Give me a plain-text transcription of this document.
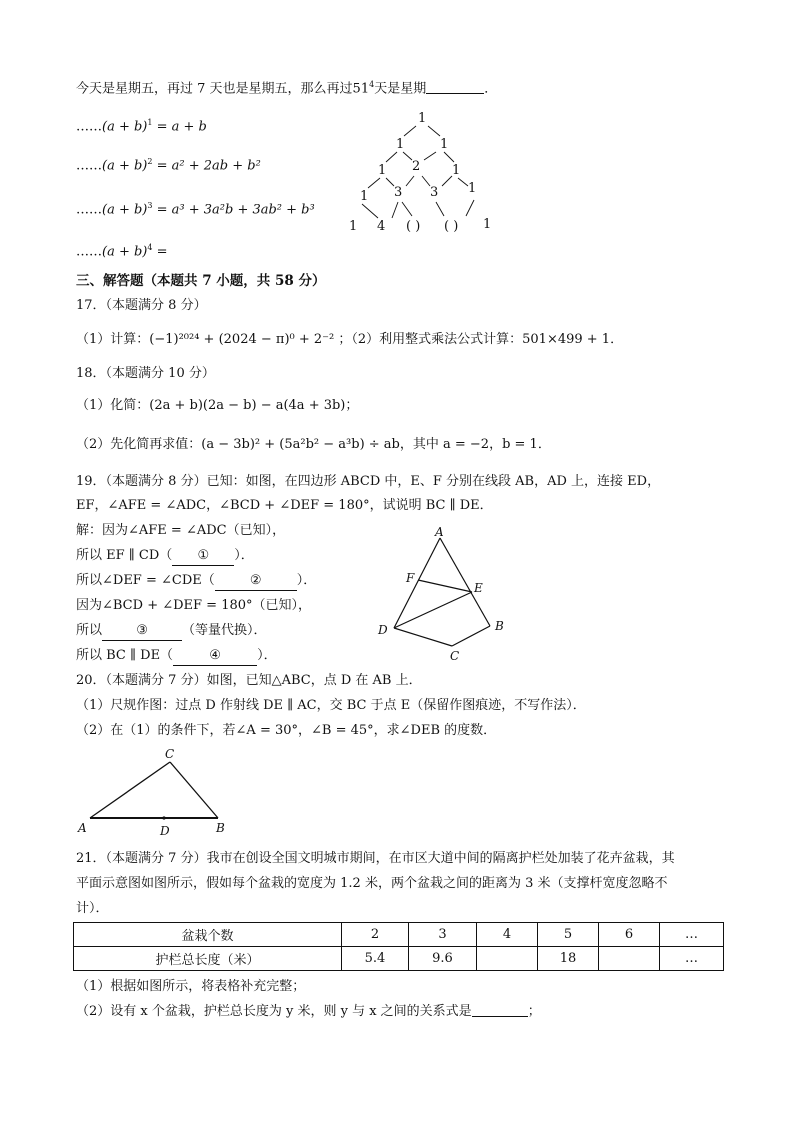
今天是星期五，再过 7 天也是星期五，那么再过$51^4$天是星期	．
……(a + b)$^1$ = a + b
……(a + b)$^2$ = a² + 2ab + b²
……(a + b)$^3$ = a³ + 3a²b + 3ab² + b³
……(a + b)$^4$ =
1
1	1
1 2 1
1 3 3 1
1 4 ( ) ( ) 1
三、解答题（本题共 7 小题，共 58 分）
17．（本题满分 8 分）
（1）计算：(−1)²⁰²⁴ + (2024 − π)⁰ + 2⁻² ；（2）利用整式乘法公式计算：501×499 + 1．
18．（本题满分 10 分）
（1）化简：(2a + b)(2a − b) − a(4a + 3b)；
（2）先化简再求值：(a − 3b)² + (5a²b² − a³b) ÷ ab，其中 a = −2，b = 1．
19．（本题满分 8 分）已知：如图，在四边形 ABCD 中，E、F 分别在线段 AB，AD 上，连接 ED，
EF，∠AFE = ∠ADC，∠BCD + ∠DEF = 180°，试说明 BC ∥ DE．
解：因为∠AFE = ∠ADC（已知），
所以 EF ∥ CD（ ① ）．
所以∠DEF = ∠CDE（	②	）．
因为∠BCD + ∠DEF = 180°（已知），
所以	③	（等量代换）．
所以 BC ∥ DE（	④	）．
A
F
E
B
D
C
20．（本题满分 7 分）如图，已知△ABC，点 D 在 AB 上．
（1）尺规作图：过点 D 作射线 DE ∥ AC，交 BC 于点 E（保留作图痕迹，不写作法）．
（2）在（1）的条件下，若∠A = 30°，∠B = 45°，求∠DEB 的度数．
C
A	D	B
21．（本题满分 7 分）我市在创设全国文明城市期间，在市区大道中间的隔离护栏处加装了花卉盆栽，其
平面示意图如图所示，假如每个盆栽的宽度为 1.2 米，两个盆栽之间的距离为 3 米（支撑杆宽度忽略不
计）．
盆栽个数	2	3	4	5	6	…
护栏总长度（米）	5.4	9.6		18		…
（1）根据如图所示，将表格补充完整；
（2）设有 x 个盆栽，护栏总长度为 y 米，则 y 与 x 之间的关系式是	；
